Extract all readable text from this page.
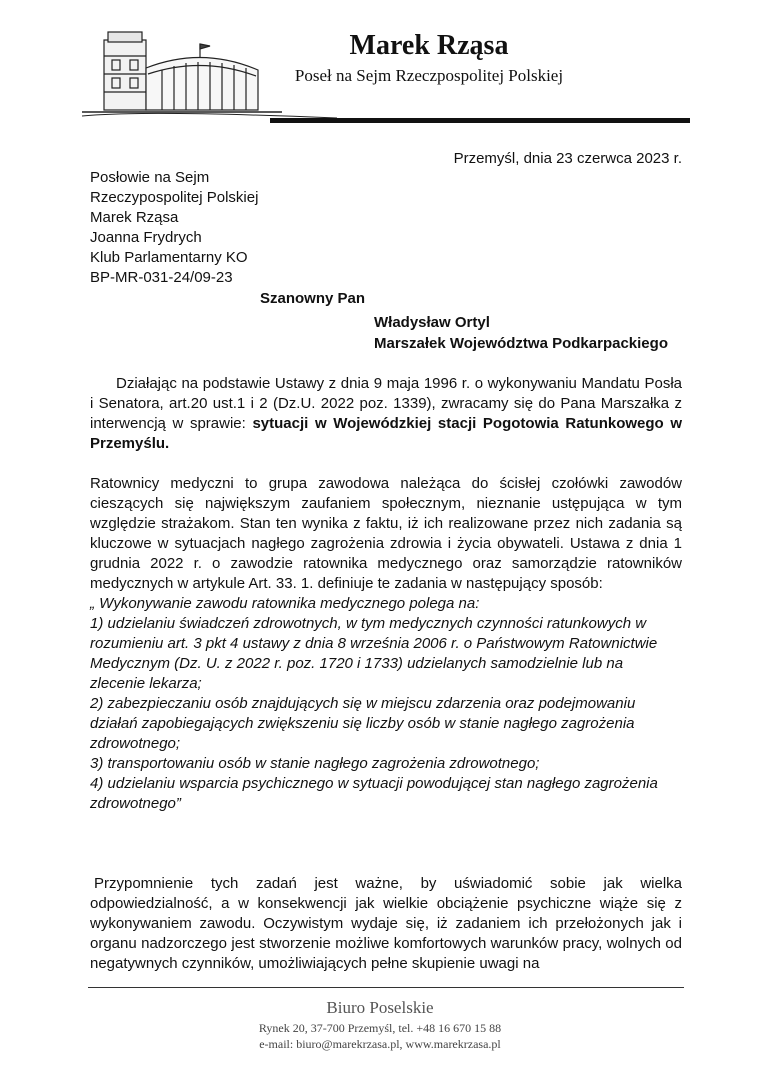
Marek Rząsa
Poseł na Sejm Rzeczpospolitej Polskiej
Przemyśl, dnia 23 czerwca 2023 r.
Posłowie na Sejm
Rzeczypospolitej Polskiej
Marek Rząsa
Joanna Frydrych
Klub Parlamentarny KO
BP-MR-031-24/09-23
Szanowny Pan
Władysław Ortyl
Marszałek Województwa Podkarpackiego
Działając na podstawie Ustawy z dnia 9 maja 1996 r. o wykonywaniu Mandatu Posła i Senatora, art.20 ust.1 i 2 (Dz.U. 2022 poz. 1339), zwracamy się do Pana Marszałka z interwencją w sprawie: sytuacji w Wojewódzkiej stacji Pogotowia Ratunkowego w Przemyślu.
Ratownicy medyczni to grupa zawodowa należąca do ścisłej czołówki zawodów cieszących się największym zaufaniem społecznym, nieznanie ustępująca w tym względzie strażakom. Stan ten wynika z faktu, iż ich realizowane przez nich zadania są kluczowe w sytuacjach nagłego zagrożenia zdrowia i życia obywateli. Ustawa z dnia 1 grudnia 2022 r. o zawodzie ratownika medycznego oraz samorządzie ratowników medycznych w artykule Art. 33. 1. definiuje te zadania w następujący sposób:
„ Wykonywanie zawodu ratownika medycznego polega na:
1) udzielaniu świadczeń zdrowotnych, w tym medycznych czynności ratunkowych w rozumieniu art. 3 pkt 4 ustawy z dnia 8 września 2006 r. o Państwowym Ratownictwie Medycznym (Dz. U. z 2022 r. poz. 1720 i 1733) udzielanych samodzielnie lub na zlecenie lekarza;
2) zabezpieczaniu osób znajdujących się w miejscu zdarzenia oraz podejmowaniu działań zapobiegających zwiększeniu się liczby osób w stanie nagłego zagrożenia zdrowotnego;
3) transportowaniu osób w stanie nagłego zagrożenia zdrowotnego;
4) udzielaniu wsparcia psychicznego w sytuacji powodującej stan nagłego zagrożenia zdrowotnego”
Przypomnienie tych zadań jest ważne, by uświadomić sobie jak wielka odpowiedzialność, a w konsekwencji jak wielkie obciążenie psychiczne wiąże się z wykonywaniem zawodu. Oczywistym wydaje się, iż zadaniem ich przełożonych jak i organu nadzorczego jest stworzenie możliwe komfortowych warunków pracy, wolnych od negatywnych czynników, umożliwiających pełne skupienie uwagi na
Biuro Poselskie
Rynek 20, 37-700 Przemyśl, tel. +48 16 670 15 88
e-mail: biuro@marekrzasa.pl, www.marekrzasa.pl
